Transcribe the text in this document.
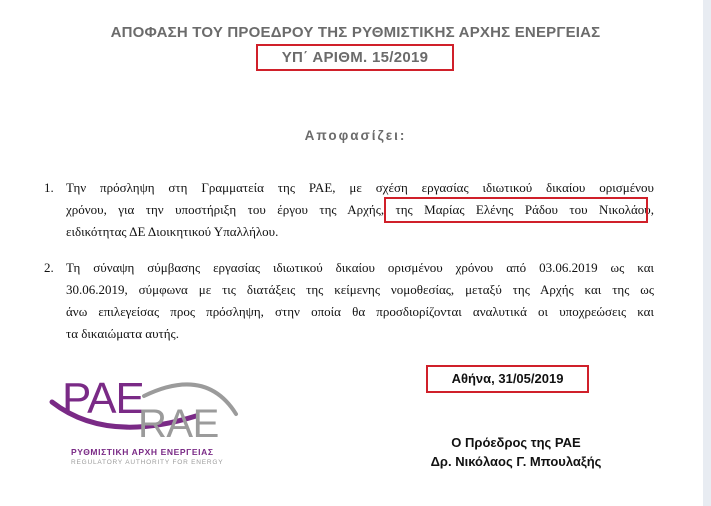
ΑΠΟΦΑΣΗ ΤΟΥ ΠΡΟΕΔΡΟΥ ΤΗΣ ΡΥΘΜΙΣΤΙΚΗΣ ΑΡΧΗΣ ΕΝΕΡΓΕΙΑΣ
ΥΠ΄ ΑΡΙΘΜ. 15/2019
Αποφασίζει:
1. Την πρόσληψη στη Γραμματεία της ΡΑΕ, με σχέση εργασίας ιδιωτικού δικαίου ορισμένου
χρόνου, για την υποστήριξη του έργου της Αρχής, της Μαρίας Ελένης Ράδου του Νικολάου,
ειδικότητας ΔΕ Διοικητικού Υπαλλήλου.
2. Τη σύναψη σύμβασης εργασίας ιδιωτικού δικαίου ορισμένου χρόνου από 03.06.2019 ως και
30.06.2019, σύμφωνα με τις διατάξεις της κείμενης νομοθεσίας, μεταξύ της Αρχής και της ως
άνω επιλεγείσας προς πρόσληψη, στην οποία θα προσδιορίζονται αναλυτικά οι υποχρεώσεις και
τα δικαιώματα αυτής.
ΡΑΕ
RAE
ΡΥΘΜΙΣΤΙΚΗ ΑΡΧΗ ΕΝΕΡΓΕΙΑΣ
REGULATORY AUTHORITY FOR ENERGY
Αθήνα, 31/05/2019
Ο Πρόεδρος της ΡΑΕ
Δρ. Νικόλαος Γ. Μπουλαξής
